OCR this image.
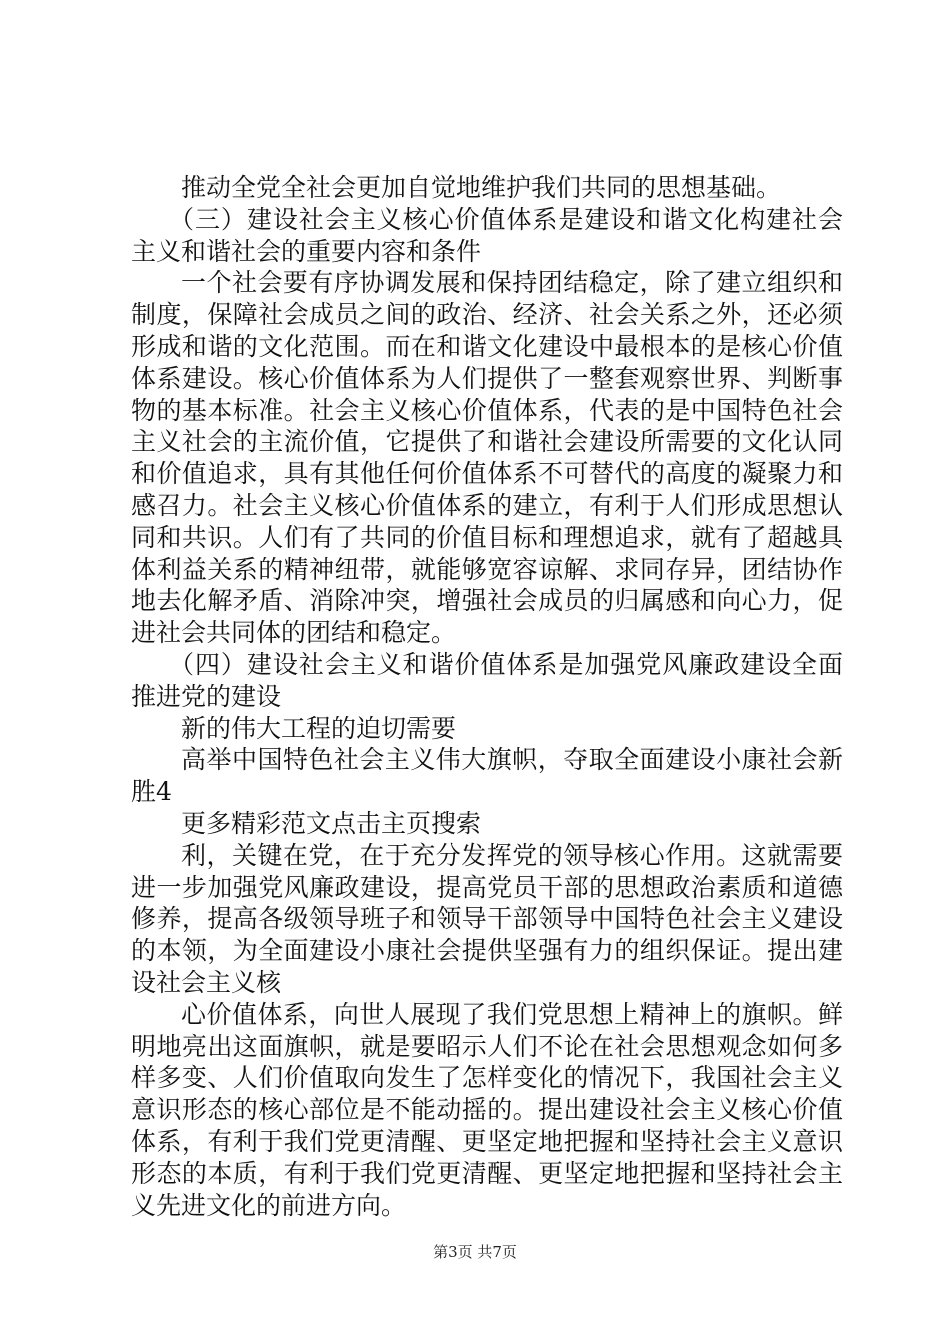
推动全党全社会更加自觉地维护我们共同的思想基础。

（三）建设社会主义核心价值体系是建设和谐文化构建社会主义和谐社会的重要内容和条件

一个社会要有序协调发展和保持团结稳定，除了建立组织和制度，保障社会成员之间的政治、经济、社会关系之外，还必须形成和谐的文化范围。而在和谐文化建设中最根本的是核心价值体系建设。核心价值体系为人们提供了一整套观察世界、判断事物的基本标准。社会主义核心价值体系，代表的是中国特色社会主义社会的主流价值，它提供了和谐社会建设所需要的文化认同和价值追求，具有其他任何价值体系不可替代的高度的凝聚力和感召力。社会主义核心价值体系的建立，有利于人们形成思想认同和共识。人们有了共同的价值目标和理想追求，就有了超越具体利益关系的精神纽带，就能够宽容谅解、求同存异，团结协作地去化解矛盾、消除冲突，增强社会成员的归属感和向心力，促进社会共同体的团结和稳定。

（四）建设社会主义和谐价值体系是加强党风廉政建设全面推进党的建设

新的伟大工程的迫切需要

高举中国特色社会主义伟大旗帜，夺取全面建设小康社会新胜4

更多精彩范文点击主页搜索

利，关键在党，在于充分发挥党的领导核心作用。这就需要进一步加强党风廉政建设，提高党员干部的思想政治素质和道德修养，提高各级领导班子和领导干部领导中国特色社会主义建设的本领，为全面建设小康社会提供坚强有力的组织保证。提出建设社会主义核

心价值体系，向世人展现了我们党思想上精神上的旗帜。鲜明地亮出这面旗帜，就是要昭示人们不论在社会思想观念如何多样多变、人们价值取向发生了怎样变化的情况下，我国社会主义意识形态的核心部位是不能动摇的。提出建设社会主义核心价值体系，有利于我们党更清醒、更坚定地把握和坚持社会主义意识形态的本质，有利于我们党更清醒、更坚定地把握和坚持社会主义先进文化的前进方向。

第3页 共7页
